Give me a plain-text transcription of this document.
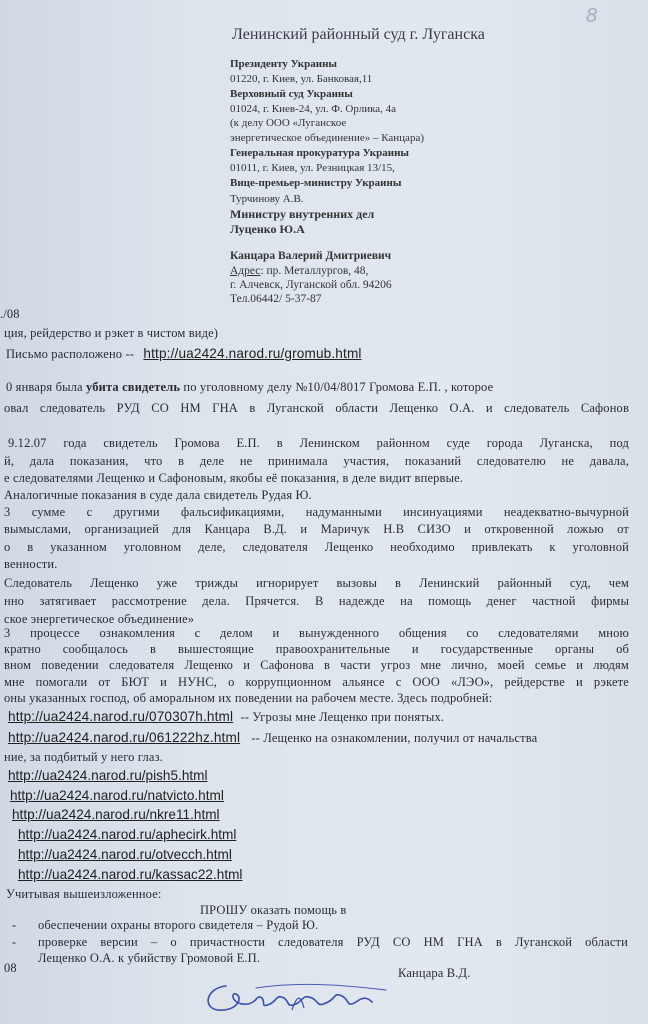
8
Ленинский районный суд г. Луганска
Президенту Украины
01220, г. Киев, ул. Банковая,11
Верховный суд Украины
01024, г. Киев-24, ул. Ф. Орлика, 4а
(к делу ООО «Луганское
энергетическое объединение» – Канцара)
Генеральная прокуратура Украины
01011, г. Киев, ул. Резницкая 13/15,
Вице-премьер-министру Украины
Турчинову А.В.
Министру внутренних дел
Луценко Ю.А
Канцара Валерий Дмитриевич
Адрес: пр. Металлургов, 48,
г. Алчевск, Луганской обл. 94206
Тел.06442/ 5-37-87
./08
ция, рейдерство и рэкет в чистом виде)
Письмо расположено -- http://ua2424.narod.ru/gromub.html
0 января была убита свидетель по уголовному делу №10/04/8017 Громова Е.П. , которое
овал следователь РУД СО НМ ГНА в Луганской области Лещенко О.А. и следователь Сафонов
9.12.07 года свидетель Громова Е.П. в Ленинском районном суде города Луганска, под
й, дала показания, что в деле не принимала участия, показаний следователю не давала,
е следователями Лещенко и Сафоновым, якобы её показания, в деле видит впервые.
Аналогичные показания в суде дала свидетель Рудая Ю.
3 сумме с другими фальсификациями, надуманными инсинуациями неадекватно-вычурной
вымыслами, организацией для Канцара В.Д. и Маричук Н.В СИЗО и откровенной ложью от
о в указанном уголовном деле, следователя Лещенко необходимо привлекать к уголовной
венности.
Следователь Лещенко уже трижды игнорирует вызовы в Ленинский районный суд, чем
нно затягивает рассмотрение дела. Прячется. В надежде на помощь денег частной фирмы
ское энергетическое объединение»
3 процессе ознакомления с делом и вынужденного общения со следователями мною
кратно сообщалось в вышестоящие правоохранительные и государственные органы об
вном поведении следователя Лещенко и Сафонова в части угроз мне лично, моей семье и людям
мне помогали от БЮТ и НУНС, о коррупционном альянсе с ООО «ЛЭО», рейдерстве и рэкете
оны указанных господ, об аморальном их поведении на рабочем месте. Здесь подробней:
http://ua2424.narod.ru/070307h.html -- Угрозы мне Лещенко при понятых.
http://ua2424.narod.ru/061222hz.html -- Лещенко на ознакомлении, получил от начальства
ние, за подбитый у него глаз.
http://ua2424.narod.ru/pish5.html
http://ua2424.narod.ru/natvicto.html
http://ua2424.narod.ru/nkre11.html
http://ua2424.narod.ru/aphecirk.html
http://ua2424.narod.ru/otvecch.html
http://ua2424.narod.ru/kassac22.html
Учитывая вышеизложенное:
ПРОШУ оказать помощь в
- обеспечении охраны второго свидетеля – Рудой Ю.
- проверке версии – о причастности следователя РУД СО НМ ГНА в Луганской области
Лещенко О.А. к убийству Громовой Е.П.
08	Канцара В.Д.
